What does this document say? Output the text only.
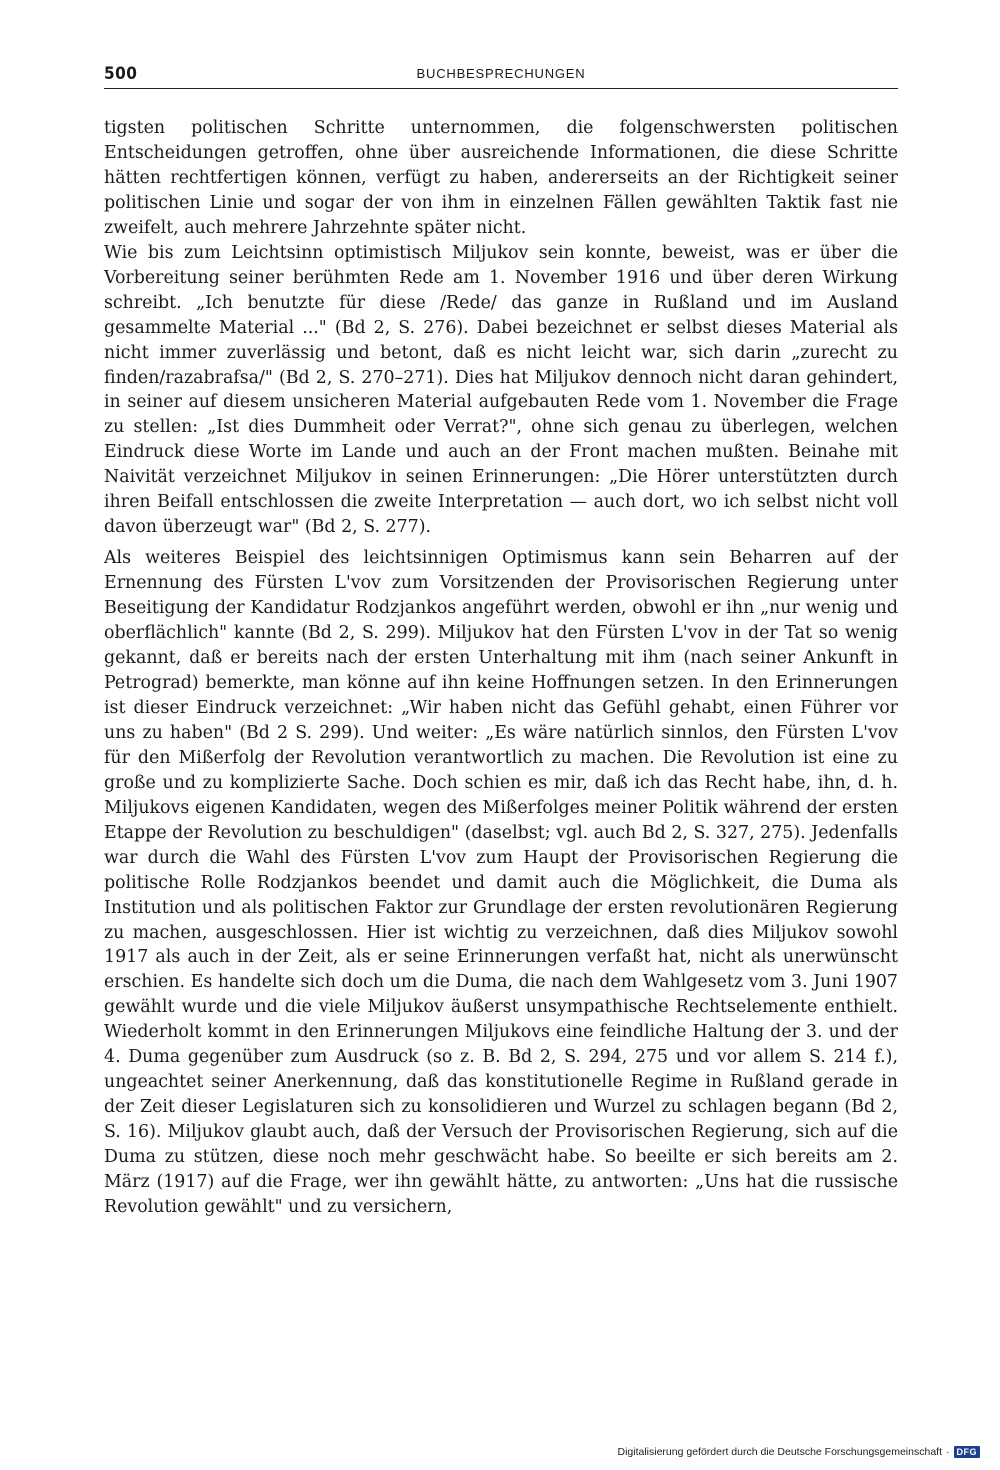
500	BUCHBESPRECHUNGEN

tigsten politischen Schritte unternommen, die folgenschwersten politischen Entscheidungen getroffen, ohne über ausreichende Informationen, die diese Schritte hätten rechtfertigen können, verfügt zu haben, andererseits an der Richtigkeit seiner politischen Linie und sogar der von ihm in einzelnen Fällen gewählten Taktik fast nie zweifelt, auch mehrere Jahrzehnte später nicht.

Wie bis zum Leichtsinn optimistisch Miljukov sein konnte, beweist, was er über die Vorbereitung seiner berühmten Rede am 1. November 1916 und über deren Wirkung schreibt. „Ich benutzte für diese /Rede/ das ganze in Rußland und im Ausland gesammelte Material ..." (Bd 2, S. 276). Dabei bezeichnet er selbst dieses Material als nicht immer zuverlässig und betont, daß es nicht leicht war, sich darin „zurecht zu finden/razabrafsa/" (Bd 2, S. 270–271). Dies hat Miljukov dennoch nicht daran gehindert, in seiner auf diesem unsicheren Material aufgebauten Rede vom 1. November die Frage zu stellen: „Ist dies Dummheit oder Verrat?", ohne sich genau zu überlegen, welchen Eindruck diese Worte im Lande und auch an der Front machen mußten. Beinahe mit Naivität verzeichnet Miljukov in seinen Erinnerungen: „Die Hörer unterstützten durch ihren Beifall entschlossen die zweite Interpretation — auch dort, wo ich selbst nicht voll davon überzeugt war" (Bd 2, S. 277).

Als weiteres Beispiel des leichtsinnigen Optimismus kann sein Beharren auf der Ernennung des Fürsten L'vov zum Vorsitzenden der Provisorischen Regierung unter Beseitigung der Kandidatur Rodzjankos angeführt werden, obwohl er ihn „nur wenig und oberflächlich" kannte (Bd 2, S. 299). Miljukov hat den Fürsten L'vov in der Tat so wenig gekannt, daß er bereits nach der ersten Unterhaltung mit ihm (nach seiner Ankunft in Petrograd) bemerkte, man könne auf ihn keine Hoffnungen setzen. In den Erinnerungen ist dieser Eindruck verzeichnet: „Wir haben nicht das Gefühl gehabt, einen Führer vor uns zu haben" (Bd 2 S. 299). Und weiter: „Es wäre natürlich sinnlos, den Fürsten L'vov für den Mißerfolg der Revolution verantwortlich zu machen. Die Revolution ist eine zu große und zu komplizierte Sache. Doch schien es mir, daß ich das Recht habe, ihn, d. h. Miljukovs eigenen Kandidaten, wegen des Mißerfolges meiner Politik während der ersten Etappe der Revolution zu beschuldigen" (daselbst; vgl. auch Bd 2, S. 327, 275). Jedenfalls war durch die Wahl des Fürsten L'vov zum Haupt der Provisorischen Regierung die politische Rolle Rodzjankos beendet und damit auch die Möglichkeit, die Duma als Institution und als politischen Faktor zur Grundlage der ersten revolutionären Regierung zu machen, ausgeschlossen. Hier ist wichtig zu verzeichnen, daß dies Miljukov sowohl 1917 als auch in der Zeit, als er seine Erinnerungen verfaßt hat, nicht als unerwünscht erschien. Es handelte sich doch um die Duma, die nach dem Wahlgesetz vom 3. Juni 1907 gewählt wurde und die viele Miljukov äußerst unsympathische Rechtselemente enthielt. Wiederholt kommt in den Erinnerungen Miljukovs eine feindliche Haltung der 3. und der 4. Duma gegenüber zum Ausdruck (so z. B. Bd 2, S. 294, 275 und vor allem S. 214 f.), ungeachtet seiner Anerkennung, daß das konstitutionelle Regime in Rußland gerade in der Zeit dieser Legislaturen sich zu konsolidieren und Wurzel zu schlagen begann (Bd 2, S. 16). Miljukov glaubt auch, daß der Versuch der Provisorischen Regierung, sich auf die Duma zu stützen, diese noch mehr geschwächt habe. So beeilte er sich bereits am 2. März (1917) auf die Frage, wer ihn gewählt hätte, zu antworten: „Uns hat die russische Revolution gewählt" und zu versichern,

Digitalisierung gefördert durch die Deutsche Forschungsgemeinschaft · DFG
